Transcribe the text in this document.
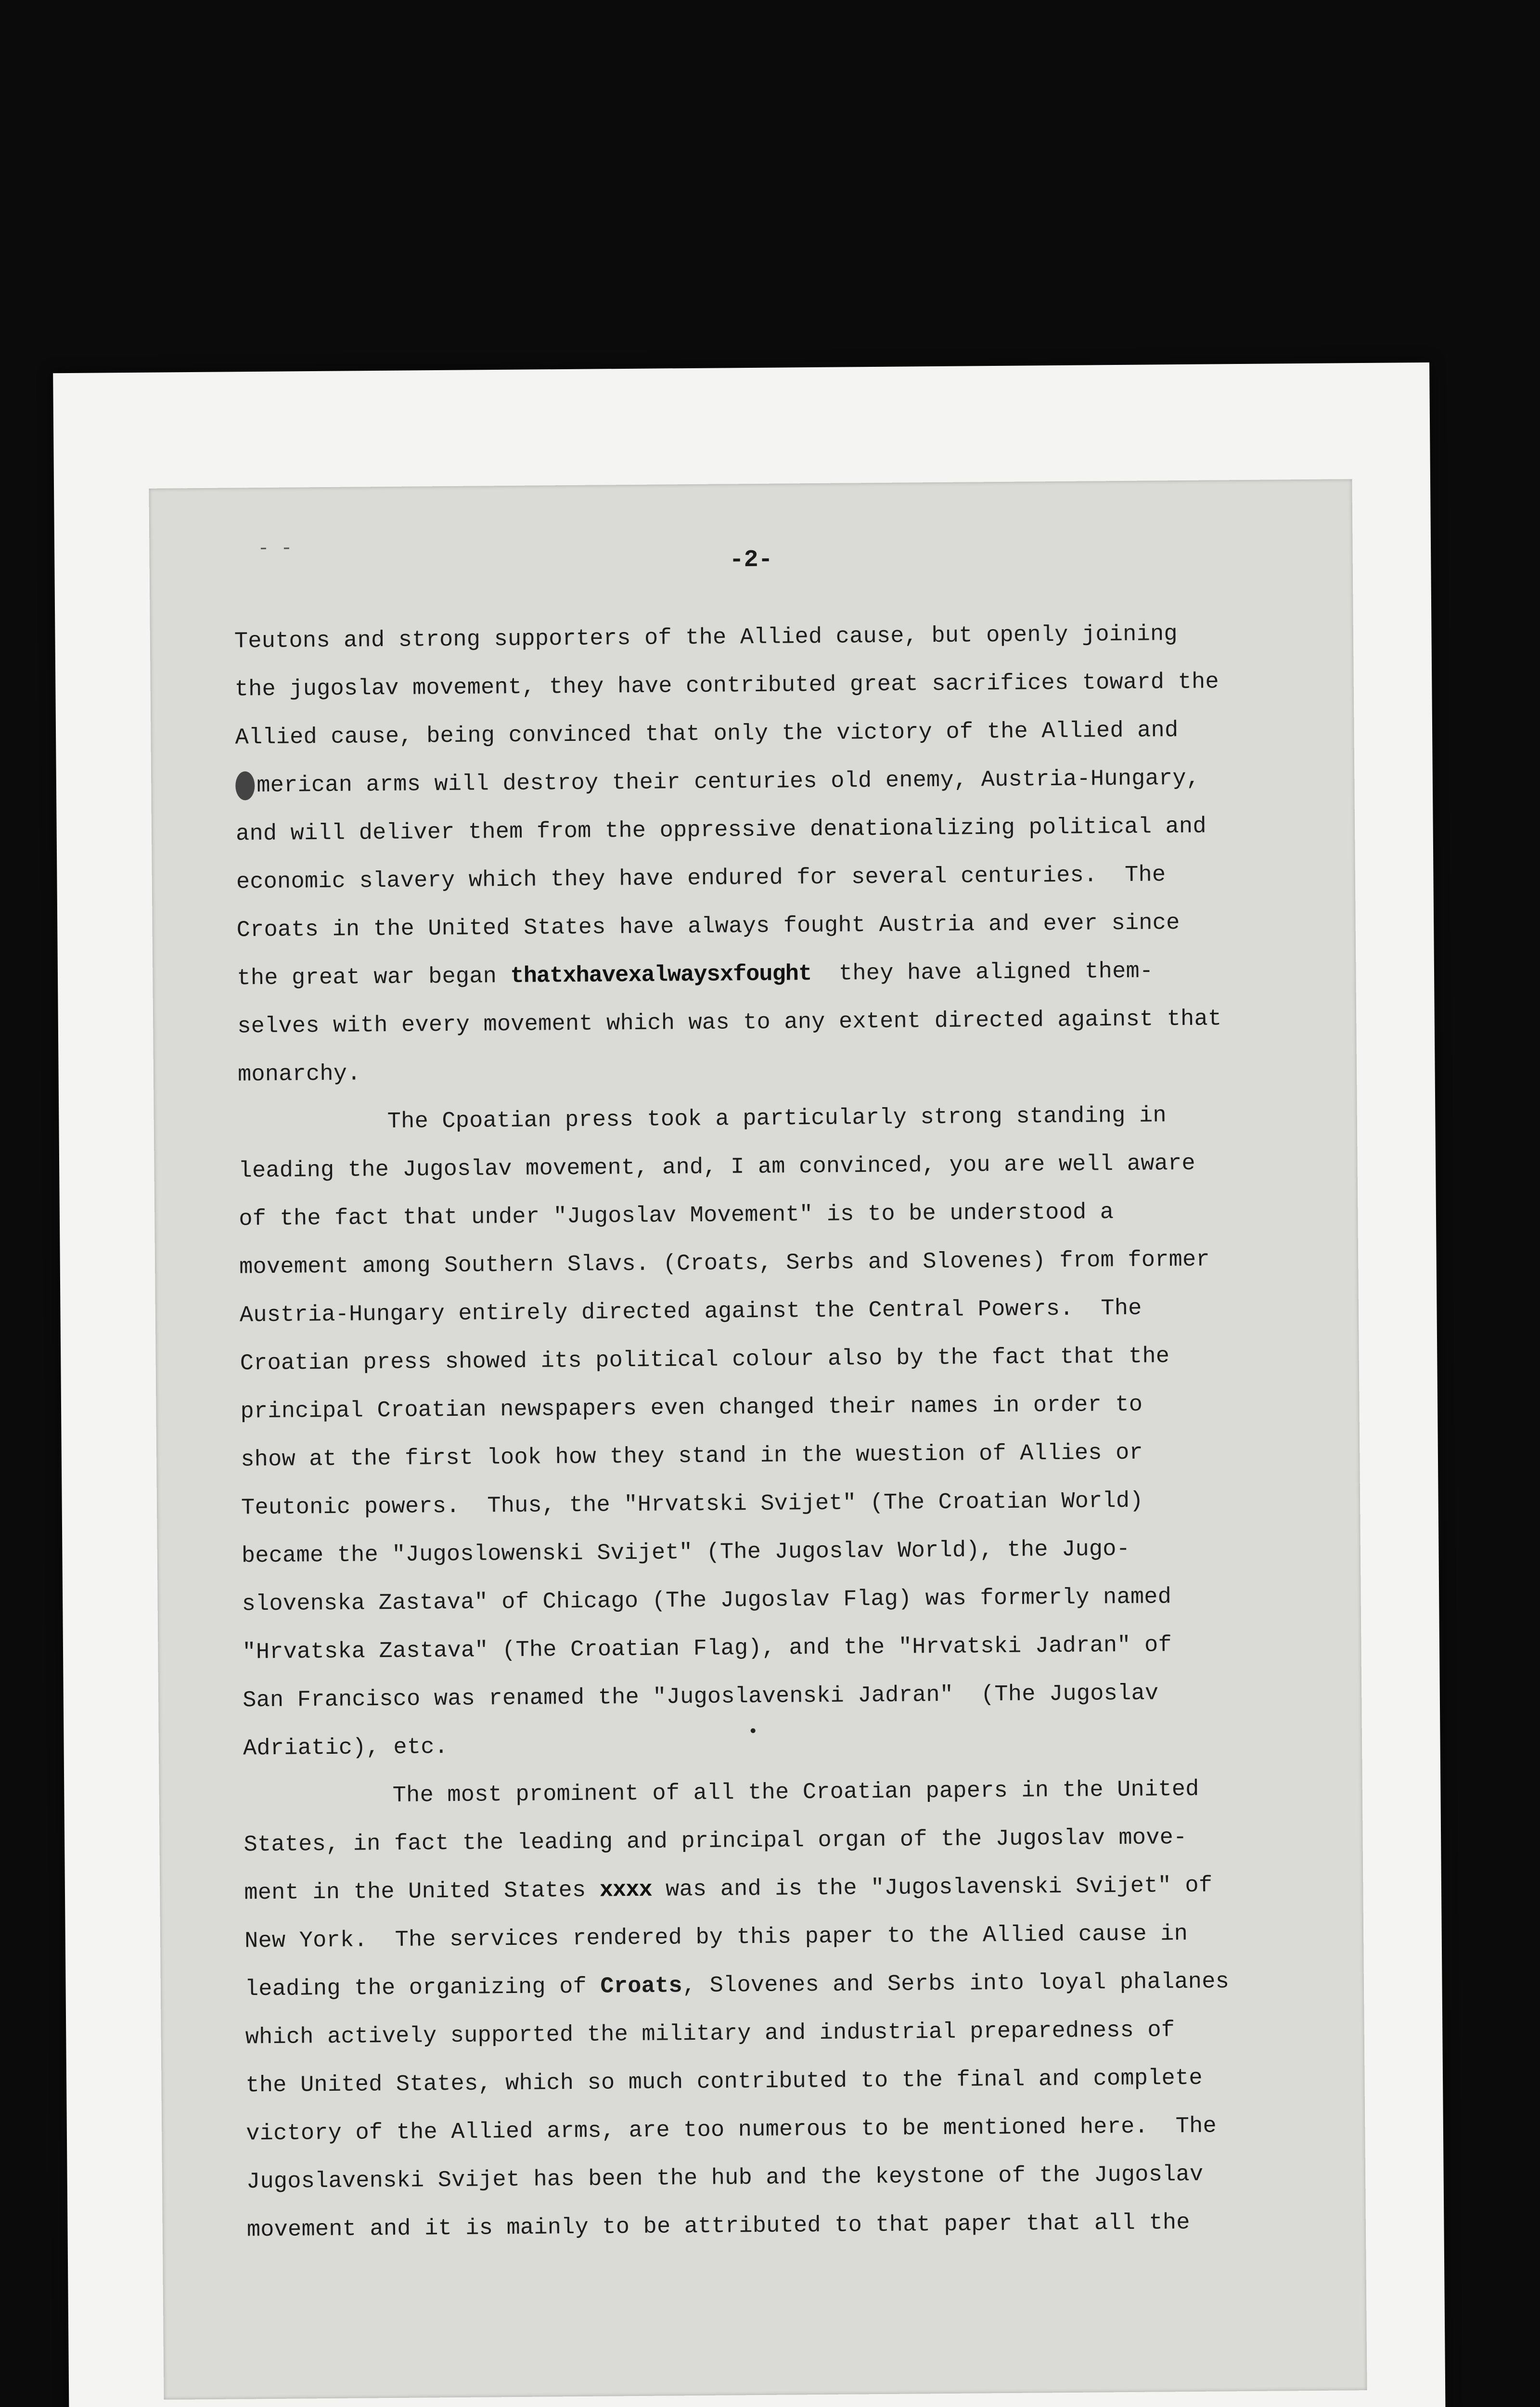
- -	-2-
Teutons and strong supporters of the Allied cause, but openly joining
the jugoslav movement, they have contributed great sacrifices toward the
Allied cause, being convinced that only the victory of the Allied and
merican arms will destroy their centuries old enemy, Austria-Hungary,
and will deliver them from the oppressive denationalizing political and
economic slavery which they have endured for several centuries.  The
Croats in the United States have always fought Austria and ever since
the great war began thatxhavexalwaysxfought  they have aligned them-
selves with every movement which was to any extent directed against that
monarchy.
The Cpoatian press took a particularly strong standing in
leading the Jugoslav movement, and, I am convinced, you are well aware
of the fact that under "Jugoslav Movement" is to be understood a
movement among Southern Slavs. (Croats, Serbs and Slovenes) from former
Austria-Hungary entirely directed against the Central Powers.  The
Croatian press showed its political colour also by the fact that the
principal Croatian newspapers even changed their names in order to
show at the first look how they stand in the wuestion of Allies or
Teutonic powers.  Thus, the "Hrvatski Svijet" (The Croatian World)
became the "Jugoslowenski Svijet" (The Jugoslav World), the Jugo-
slovenska Zastava" of Chicago (The Jugoslav Flag) was formerly named
"Hrvatska Zastava" (The Croatian Flag), and the "Hrvatski Jadran" of
San Francisco was renamed the "Jugoslavenski Jadran"  (The Jugoslav
Adriatic), etc.
The most prominent of all the Croatian papers in the United
States, in fact the leading and principal organ of the Jugoslav move-
ment in the United States xxxx was and is the "Jugoslavenski Svijet" of
New York.  The services rendered by this paper to the Allied cause in
leading the organizing of Croats, Slovenes and Serbs into loyal phalanes
which actively supported the military and industrial preparedness of
the United States, which so much contributed to the final and complete
victory of the Allied arms, are too numerous to be mentioned here.  The
Jugoslavenski Svijet has been the hub and the keystone of the Jugoslav
movement and it is mainly to be attributed to that paper that all the
